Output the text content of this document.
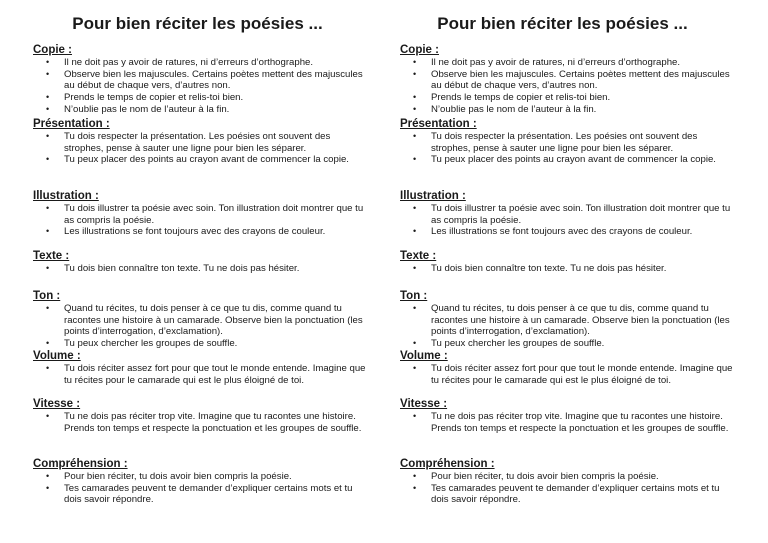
Pour bien réciter les poésies ...
Copie :
• Il ne doit pas y avoir de ratures, ni d’erreurs d’orthographe.
• Observe bien les majuscules. Certains poètes mettent des majuscules au début de chaque vers, d’autres non.
• Prends le temps de copier et relis-toi bien.
• N’oublie pas le nom de l’auteur à la fin.
Présentation :
• Tu dois respecter la présentation. Les poésies ont souvent des strophes, pense à sauter une ligne pour bien les séparer.
• Tu peux placer des points au crayon avant de commencer la copie.
Illustration :
• Tu dois illustrer ta poésie avec soin. Ton illustration doit montrer que tu as compris la poésie.
• Les illustrations se font toujours avec des crayons de couleur.
Texte :
• Tu dois bien connaître ton texte. Tu ne dois pas hésiter.
Ton :
• Quand tu récites, tu dois penser à ce que tu dis, comme quand tu racontes une histoire à un camarade. Observe bien la ponctuation (les points d’interrogation, d’exclamation).
• Tu peux chercher les groupes de souffle.
Volume :
• Tu dois réciter assez fort pour que tout le monde entende. Imagine que tu récites pour le camarade qui est le plus éloigné de toi.
Vitesse :
• Tu ne dois pas réciter trop vite. Imagine que tu racontes une histoire. Prends ton temps et respecte la ponctuation et les groupes de souffle.
Compréhension :
• Pour bien réciter, tu dois avoir bien compris la poésie.
• Tes camarades peuvent te demander d’expliquer certains mots et tu dois savoir répondre.
Pour bien réciter les poésies ...
Copie :
• Il ne doit pas y avoir de ratures, ni d’erreurs d’orthographe.
• Observe bien les majuscules. Certains poètes mettent des majuscules au début de chaque vers, d’autres non.
• Prends le temps de copier et relis-toi bien.
• N’oublie pas le nom de l’auteur à la fin.
Présentation :
• Tu dois respecter la présentation. Les poésies ont souvent des strophes, pense à sauter une ligne pour bien les séparer.
• Tu peux placer des points au crayon avant de commencer la copie.
Illustration :
• Tu dois illustrer ta poésie avec soin. Ton illustration doit montrer que tu as compris la poésie.
• Les illustrations se font toujours avec des crayons de couleur.
Texte :
• Tu dois bien connaître ton texte. Tu ne dois pas hésiter.
Ton :
• Quand tu récites, tu dois penser à ce que tu dis, comme quand tu racontes une histoire à un camarade. Observe bien la ponctuation (les points d’interrogation, d’exclamation).
• Tu peux chercher les groupes de souffle.
Volume :
• Tu dois réciter assez fort pour que tout le monde entende. Imagine que tu récites pour le camarade qui est le plus éloigné de toi.
Vitesse :
• Tu ne dois pas réciter trop vite. Imagine que tu racontes une histoire. Prends ton temps et respecte la ponctuation et les groupes de souffle.
Compréhension :
• Pour bien réciter, tu dois avoir bien compris la poésie.
• Tes camarades peuvent te demander d’expliquer certains mots et tu dois savoir répondre.
